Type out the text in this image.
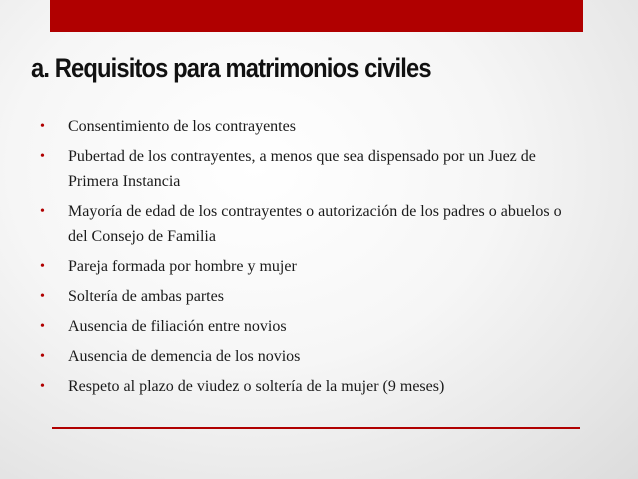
a. Requisitos para matrimonios civiles
• Consentimiento de los contrayentes
• Pubertad de los contrayentes, a menos que sea dispensado por un Juez de Primera Instancia
• Mayoría de edad de los contrayentes o autorización de los padres o abuelos o del Consejo de Familia
• Pareja formada por hombre y mujer
• Soltería de ambas partes
• Ausencia de filiación entre novios
• Ausencia de demencia de los novios
• Respeto al plazo de viudez o soltería de la mujer (9 meses)
